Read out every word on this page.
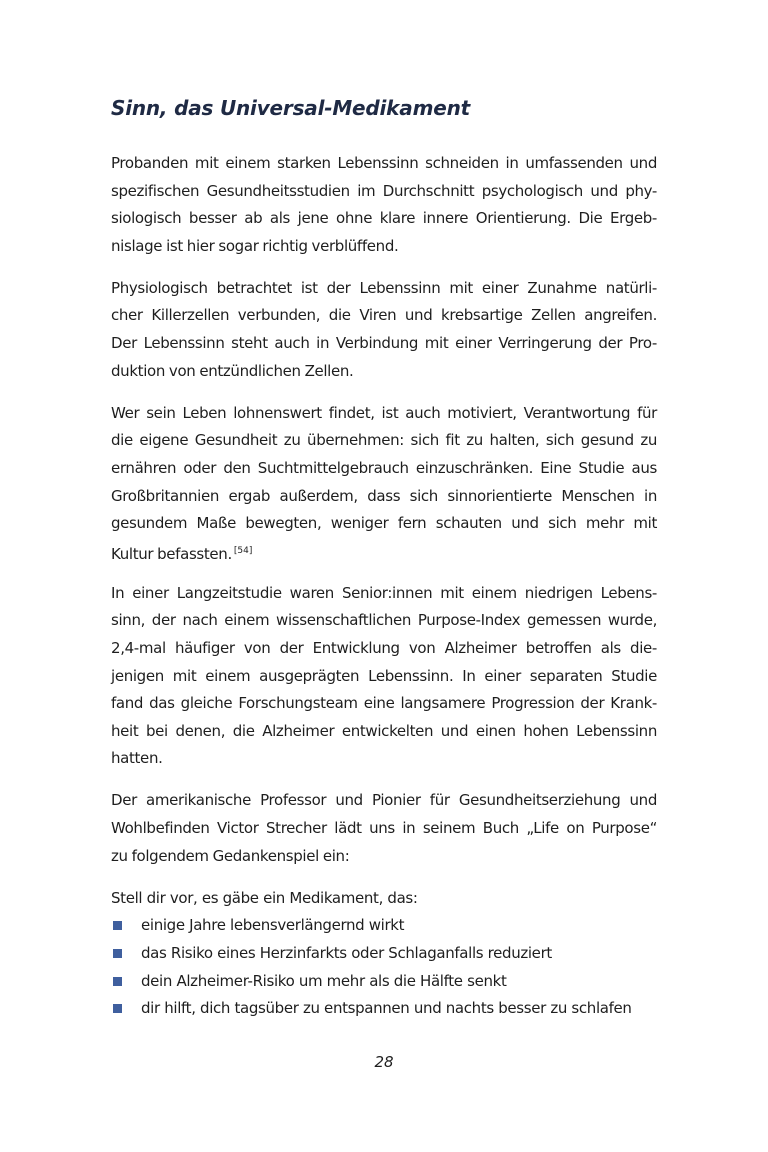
Sinn, das Universal-Medikament

Probanden mit einem starken Lebenssinn schneiden in umfassenden und
spezifischen Gesundheitsstudien im Durchschnitt psychologisch und phy-
siologisch besser ab als jene ohne klare innere Orientierung. Die Ergeb-
nislage ist hier sogar richtig verblüffend.

Physiologisch betrachtet ist der Lebenssinn mit einer Zunahme natürli-
cher Killerzellen verbunden, die Viren und krebsartige Zellen angreifen.
Der Lebenssinn steht auch in Verbindung mit einer Verringerung der Pro-
duktion von entzündlichen Zellen.

Wer sein Leben lohnenswert findet, ist auch motiviert, Verantwortung für
die eigene Gesundheit zu übernehmen: sich fit zu halten, sich gesund zu
ernähren oder den Suchtmittelgebrauch einzuschränken. Eine Studie aus
Großbritannien ergab außerdem, dass sich sinnorientierte Menschen in
gesundem Maße bewegten, weniger fern schauten und sich mehr mit
Kultur befassten. [54]

In einer Langzeitstudie waren Senior:innen mit einem niedrigen Lebens-
sinn, der nach einem wissenschaftlichen Purpose-Index gemessen wurde,
2,4-mal häufiger von der Entwicklung von Alzheimer betroffen als die-
jenigen mit einem ausgeprägten Lebenssinn. In einer separaten Studie
fand das gleiche Forschungsteam eine langsamere Progression der Krank-
heit bei denen, die Alzheimer entwickelten und einen hohen Lebenssinn
hatten.

Der amerikanische Professor und Pionier für Gesundheitserziehung und
Wohlbefinden Victor Strecher lädt uns in seinem Buch „Life on Purpose“
zu folgendem Gedankenspiel ein:

Stell dir vor, es gäbe ein Medikament, das:

einige Jahre lebensverlängernd wirkt
das Risiko eines Herzinfarkts oder Schlaganfalls reduziert
dein Alzheimer-Risiko um mehr als die Hälfte senkt
dir hilft, dich tagsüber zu entspannen und nachts besser zu schlafen
28
